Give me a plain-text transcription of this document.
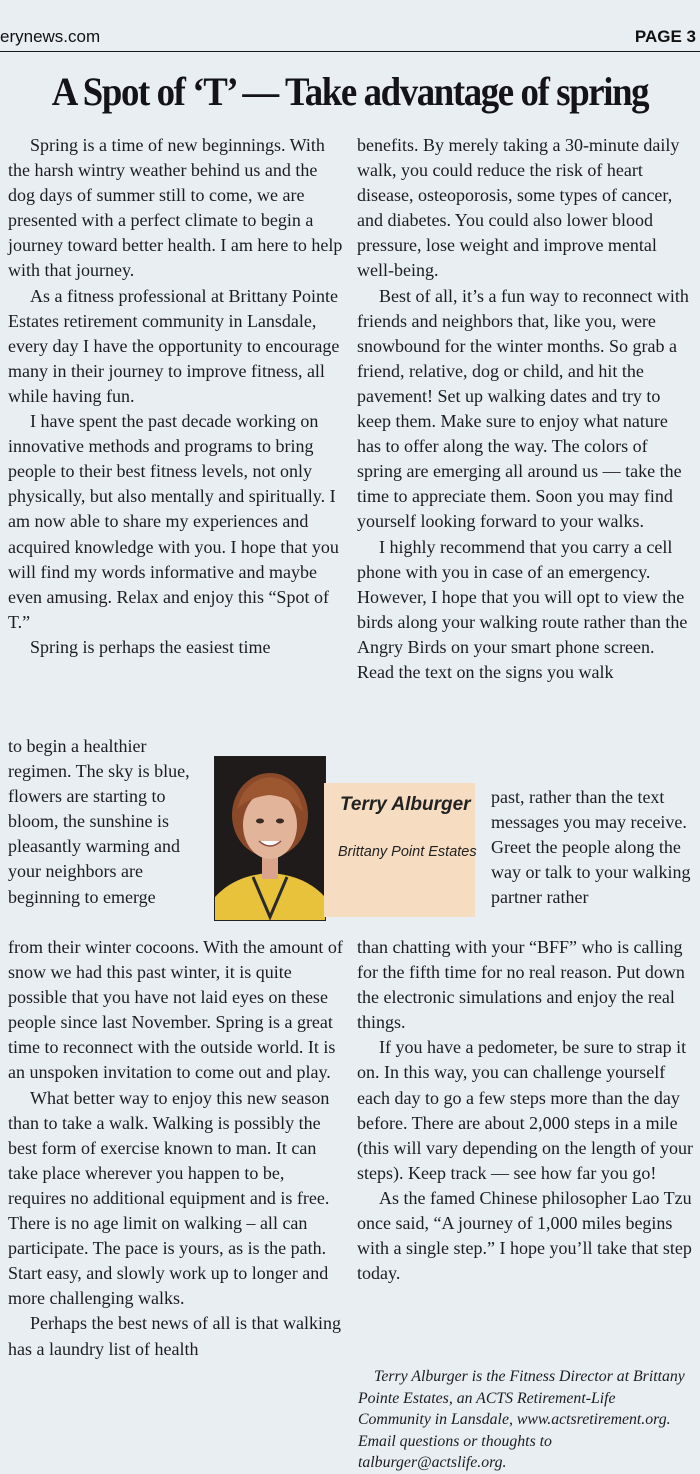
erynews.com	PAGE 3
A Spot of ‘T’ — Take advantage of spring

Spring is a time of new beginnings. With the harsh wintry weather behind us and the dog days of summer still to come, we are presented with a perfect climate to begin a journey toward better health. I am here to help with that journey.

As a fitness professional at Brittany Pointe Estates retirement community in Lansdale, every day I have the opportunity to encourage many in their journey to improve fitness, all while having fun.

I have spent the past decade working on innovative methods and programs to bring people to their best fitness levels, not only physically, but also mentally and spiritually. I am now able to share my experiences and acquired knowledge with you. I hope that you will find my words informative and maybe even amusing. Relax and enjoy this “Spot of T.”

Spring is perhaps the easiest time

to begin a healthier regimen. The sky is blue, flowers are starting to bloom, the sunshine is pleasantly warming and your neighbors are beginning to emerge

from their winter cocoons. With the amount of snow we had this past winter, it is quite possible that you have not laid eyes on these people since last November. Spring is a great time to reconnect with the outside world. It is an unspoken invitation to come out and play.

What better way to enjoy this new season than to take a walk. Walking is possibly the best form of exercise known to man. It can take place wherever you happen to be, requires no additional equipment and is free. There is no age limit on walking – all can participate. The pace is yours, as is the path. Start easy, and slowly work up to longer and more challenging walks.

Perhaps the best news of all is that walking has a laundry list of health

benefits. By merely taking a 30-minute daily walk, you could reduce the risk of heart disease, osteoporosis, some types of cancer, and diabetes. You could also lower blood pressure, lose weight and improve mental well-being.

Best of all, it’s a fun way to reconnect with friends and neighbors that, like you, were snowbound for the winter months. So grab a friend, relative, dog or child, and hit the pavement! Set up walking dates and try to keep them. Make sure to enjoy what nature has to offer along the way. The colors of spring are emerging all around us — take the time to appreciate them. Soon you may find yourself looking forward to your walks.

I highly recommend that you carry a cell phone with you in case of an emergency. However, I hope that you will opt to view the birds along your walking route rather than the Angry Birds on your smart phone screen. Read the text on the signs you walk

past, rather than the text messages you may receive. Greet the people along the way or talk to your walking partner rather

than chatting with your “BFF” who is calling for the fifth time for no real reason. Put down the electronic simulations and enjoy the real things.

If you have a pedometer, be sure to strap it on. In this way, you can challenge yourself each day to go a few steps more than the day before. There are about 2,000 steps in a mile (this will vary depending on the length of your steps). Keep track — see how far you go!

As the famed Chinese philosopher Lao Tzu once said, “A journey of 1,000 miles begins with a single step.” I hope you’ll take that step today.

Terry Alburger is the Fitness Director at Brittany Pointe Estates, an ACTS Retirement-Life Community in Lansdale, www.actsretirement.org. Email questions or thoughts to talburger@actslife.org.
Terry Alburger
Brittany Point Estates
